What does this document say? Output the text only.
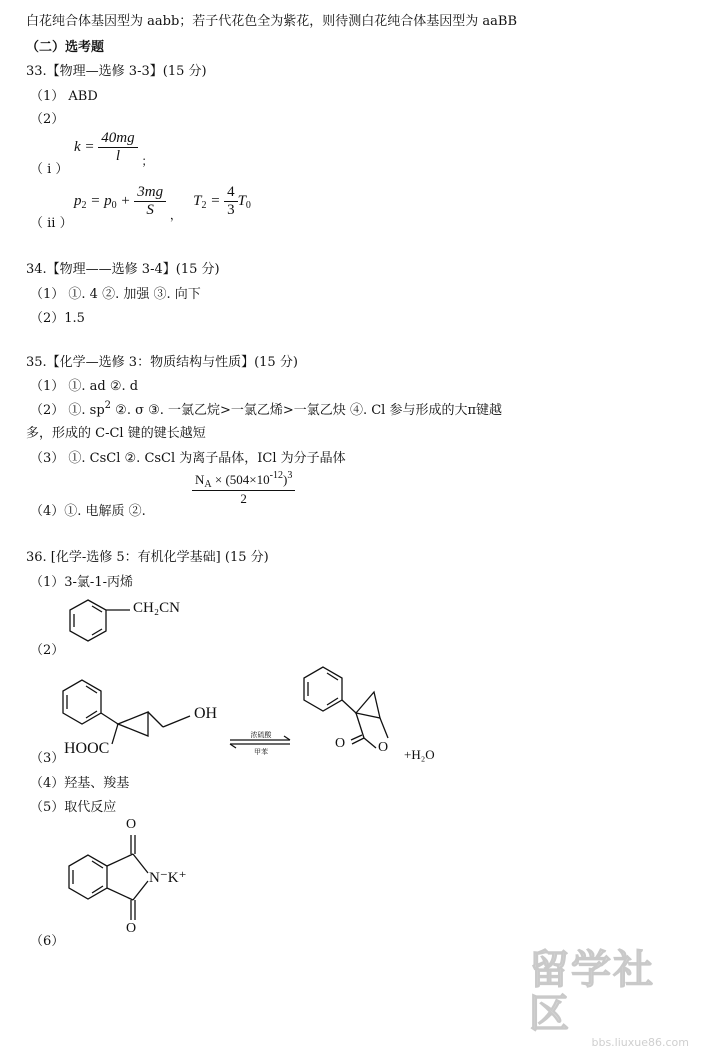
白花纯合体基因型为 aabb；若子代花色全为紫花，则待测白花纯合体基因型为 aaBB
（二）选考题
33.【物理—选修 3-3】(15 分)
（1） ABD
（2）
（ i ）
$k = \frac{40mg}{l} _;$
（ ii ）
$p_2 = p_0 + \frac{3mg}{S} _,$   $T_2 = \frac{4}{3} T_0$
34.【物理——选修 3-4】(15 分)
（1） ①. 4 ②. 加强 ③. 向下
（2）1.5
35.【化学—选修 3：物质结构与性质】(15 分)
（1） ①. ad ②. d
（2） ①. $sp^2$ ②. σ ③. 一氯乙烷>一氯乙烯>一氯乙炔 ④. Cl 参与形成的大π键越
多，形成的 C-Cl 键的键长越短
（3） ①. CsCl ②. CsCl 为离子晶体，ICl 为分子晶体
（4）①. 电解质 ②.
$\frac{N_A \times (504\times 10^{-12})^3}{2}$
36. [化学-选修 5：有机化学基础] (15 分)
（1）3-氯-1-丙烯
（2）
CH₂CN
（3）
OH
HOOC
浓硫酸
甲苯
O O +H₂O
（4）羟基、羧基
（5）取代反应
（6）
O
O
N⁻K⁺
留学社区
bbs.liuxue86.com
